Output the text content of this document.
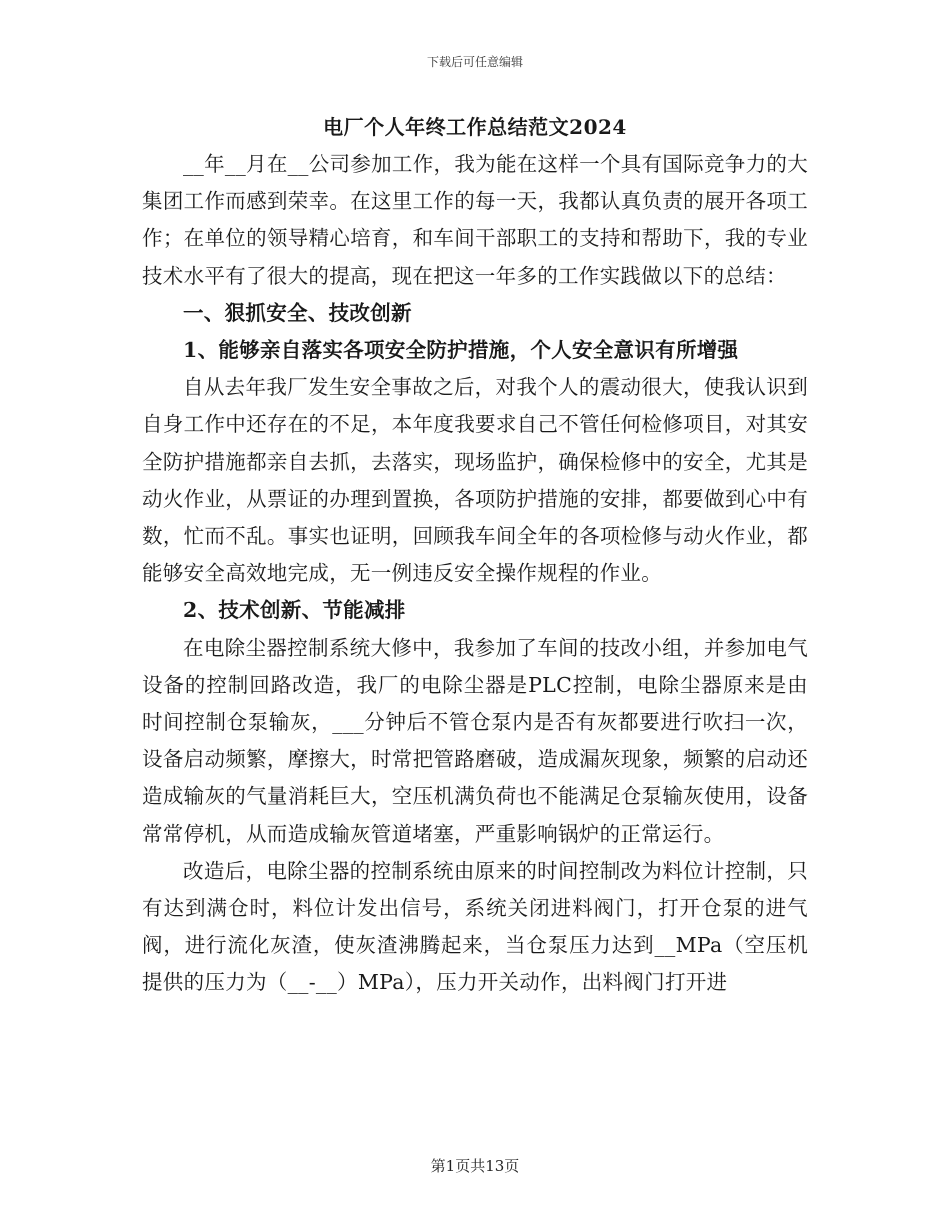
下载后可任意编辑
电厂个人年终工作总结范文2024

__年__月在__公司参加工作，我为能在这样一个具有国际竞争力的大集团工作而感到荣幸。在这里工作的每一天，我都认真负责的展开各项工作；在单位的领导精心培育，和车间干部职工的支持和帮助下，我的专业技术水平有了很大的提高，现在把这一年多的工作实践做以下的总结：

一、狠抓安全、技改创新

1、能够亲自落实各项安全防护措施，个人安全意识有所增强

自从去年我厂发生安全事故之后，对我个人的震动很大，使我认识到自身工作中还存在的不足，本年度我要求自己不管任何检修项目，对其安全防护措施都亲自去抓，去落实，现场监护，确保检修中的安全，尤其是动火作业，从票证的办理到置换，各项防护措施的安排，都要做到心中有数，忙而不乱。事实也证明，回顾我车间全年的各项检修与动火作业，都能够安全高效地完成，无一例违反安全操作规程的作业。

2、技术创新、节能减排

在电除尘器控制系统大修中，我参加了车间的技改小组，并参加电气设备的控制回路改造，我厂的电除尘器是PLC控制，电除尘器原来是由时间控制仓泵输灰，___分钟后不管仓泵内是否有灰都要进行吹扫一次，设备启动频繁，摩擦大，时常把管路磨破，造成漏灰现象，频繁的启动还造成输灰的气量消耗巨大，空压机满负荷也不能满足仓泵输灰使用，设备常常停机，从而造成输灰管道堵塞，严重影响锅炉的正常运行。

改造后，电除尘器的控制系统由原来的时间控制改为料位计控制，只有达到满仓时，料位计发出信号，系统关闭进料阀门，打开仓泵的进气阀，进行流化灰渣，使灰渣沸腾起来，当仓泵压力达到__MPa（空压机提供的压力为（__-__）MPa），压力开关动作，出料阀门打开进

第1页共13页
